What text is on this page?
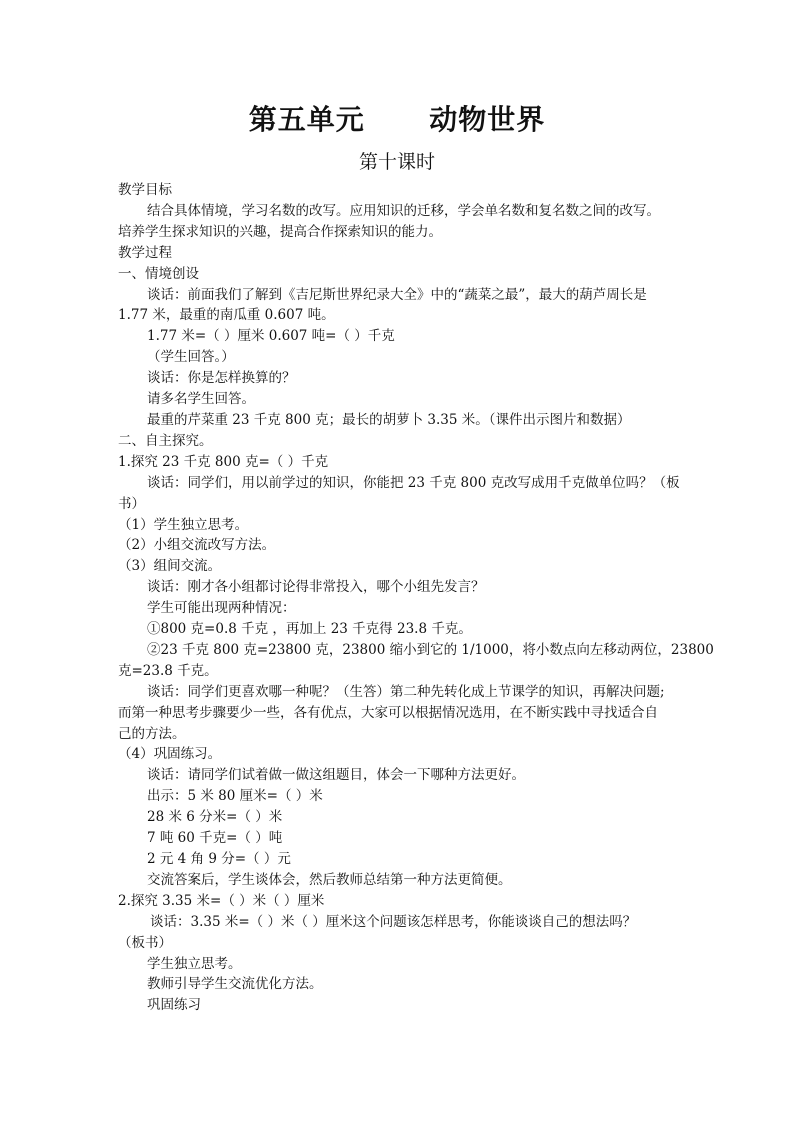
第五单元      动物世界
第十课时
教学目标
结合具体情境，学习名数的改写。应用知识的迁移，学会单名数和复名数之间的改写。
培养学生探求知识的兴趣，提高合作探索知识的能力。
教学过程
一、情境创设
谈话：前面我们了解到《吉尼斯世界纪录大全》中的“蔬菜之最”，最大的葫芦周长是
1.77 米，最重的南瓜重 0.607 吨。
1.77 米=（ ）厘米 0.607 吨=（ ）千克
（学生回答。）
谈话：你是怎样换算的？
请多名学生回答。
最重的芹菜重 23 千克 800 克；最长的胡萝卜 3.35 米。（课件出示图片和数据）
二、自主探究。
1.探究 23 千克 800 克=（ ）千克
谈话：同学们，用以前学过的知识，你能把 23 千克 800 克改写成用千克做单位吗？（板
书）
（1）学生独立思考。
（2）小组交流改写方法。
（3）组间交流。
谈话：刚才各小组都讨论得非常投入，哪个小组先发言？
学生可能出现两种情况：
①800 克=0.8 千克 ，再加上 23 千克得 23.8 千克。
②23 千克 800 克=23800 克，23800 缩小到它的 1/1000，将小数点向左移动两位，23800
克=23.8 千克。
谈话：同学们更喜欢哪一种呢？（生答）第二种先转化成上节课学的知识，再解决问题;
而第一种思考步骤要少一些，各有优点，大家可以根据情况选用，在不断实践中寻找适合自
己的方法。
（4）巩固练习。
谈话：请同学们试着做一做这组题目，体会一下哪种方法更好。
出示：5 米 80 厘米=（ ）米
28 米 6 分米=（ ）米
7 吨 60 千克=（ ）吨
2 元 4 角 9 分=（ ）元
交流答案后，学生谈体会，然后教师总结第一种方法更简便。
2.探究 3.35 米=（ ）米（ ）厘米
谈话：3.35 米=（ ）米（ ）厘米这个问题该怎样思考，你能谈谈自己的想法吗？
（板书）
学生独立思考。
教师引导学生交流优化方法。
巩固练习
